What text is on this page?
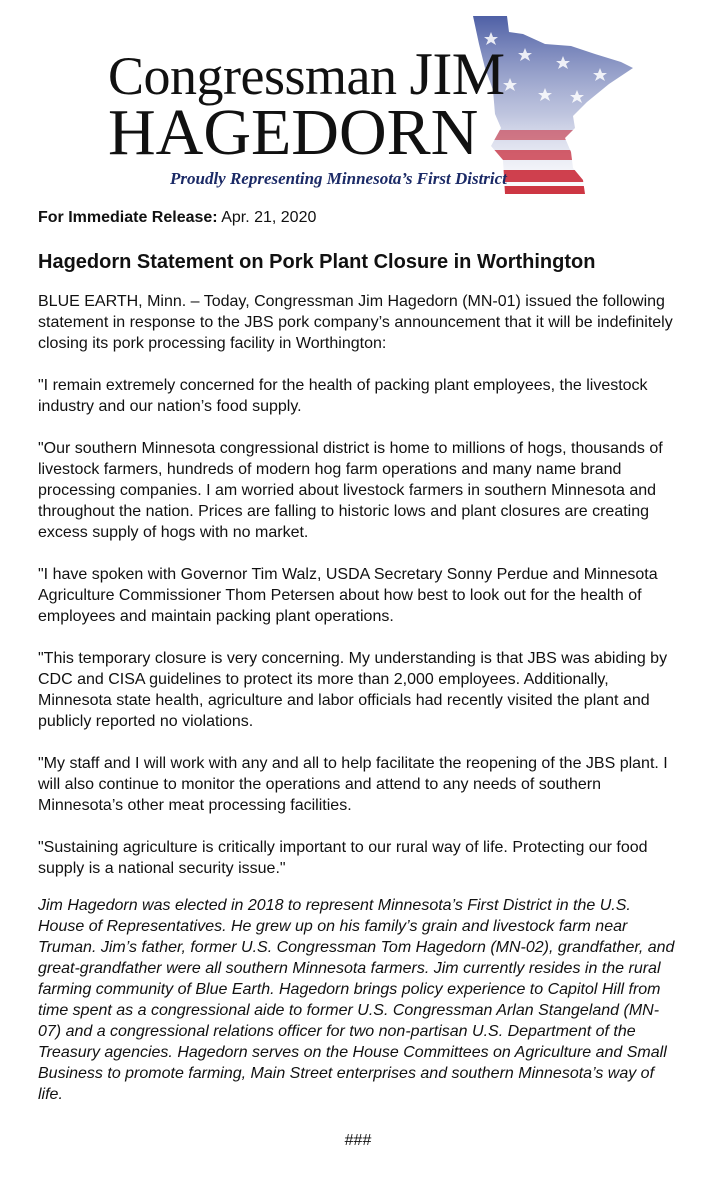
Congressman JIM
HAGEDORN
Proudly Representing Minnesota’s First District

For Immediate Release: Apr. 21, 2020

Hagedorn Statement on Pork Plant Closure in Worthington

BLUE EARTH, Minn. – Today, Congressman Jim Hagedorn (MN-01) issued the following statement in response to the JBS pork company’s announcement that it will be indefinitely closing its pork processing facility in Worthington:

"I remain extremely concerned for the health of packing plant employees, the livestock industry and our nation’s food supply.

"Our southern Minnesota congressional district is home to millions of hogs, thousands of livestock farmers, hundreds of modern hog farm operations and many name brand processing companies. I am worried about livestock farmers in southern Minnesota and throughout the nation. Prices are falling to historic lows and plant closures are creating excess supply of hogs with no market.

"I have spoken with Governor Tim Walz, USDA Secretary Sonny Perdue and Minnesota Agriculture Commissioner Thom Petersen about how best to look out for the health of employees and maintain packing plant operations.

"This temporary closure is very concerning. My understanding is that JBS was abiding by CDC and CISA guidelines to protect its more than 2,000 employees. Additionally, Minnesota state health, agriculture and labor officials had recently visited the plant and publicly reported no violations.

"My staff and I will work with any and all to help facilitate the reopening of the JBS plant. I will also continue to monitor the operations and attend to any needs of southern Minnesota’s other meat processing facilities.

"Sustaining agriculture is critically important to our rural way of life. Protecting our food supply is a national security issue."

Jim Hagedorn was elected in 2018 to represent Minnesota’s First District in the U.S. House of Representatives. He grew up on his family’s grain and livestock farm near Truman. Jim’s father, former U.S. Congressman Tom Hagedorn (MN-02), grandfather, and great-grandfather were all southern Minnesota farmers. Jim currently resides in the rural farming community of Blue Earth. Hagedorn brings policy experience to Capitol Hill from time spent as a congressional aide to former U.S. Congressman Arlan Stangeland (MN-07) and a congressional relations officer for two non-partisan U.S. Department of the Treasury agencies. Hagedorn serves on the House Committees on Agriculture and Small Business to promote farming, Main Street enterprises and southern Minnesota’s way of life.

###
